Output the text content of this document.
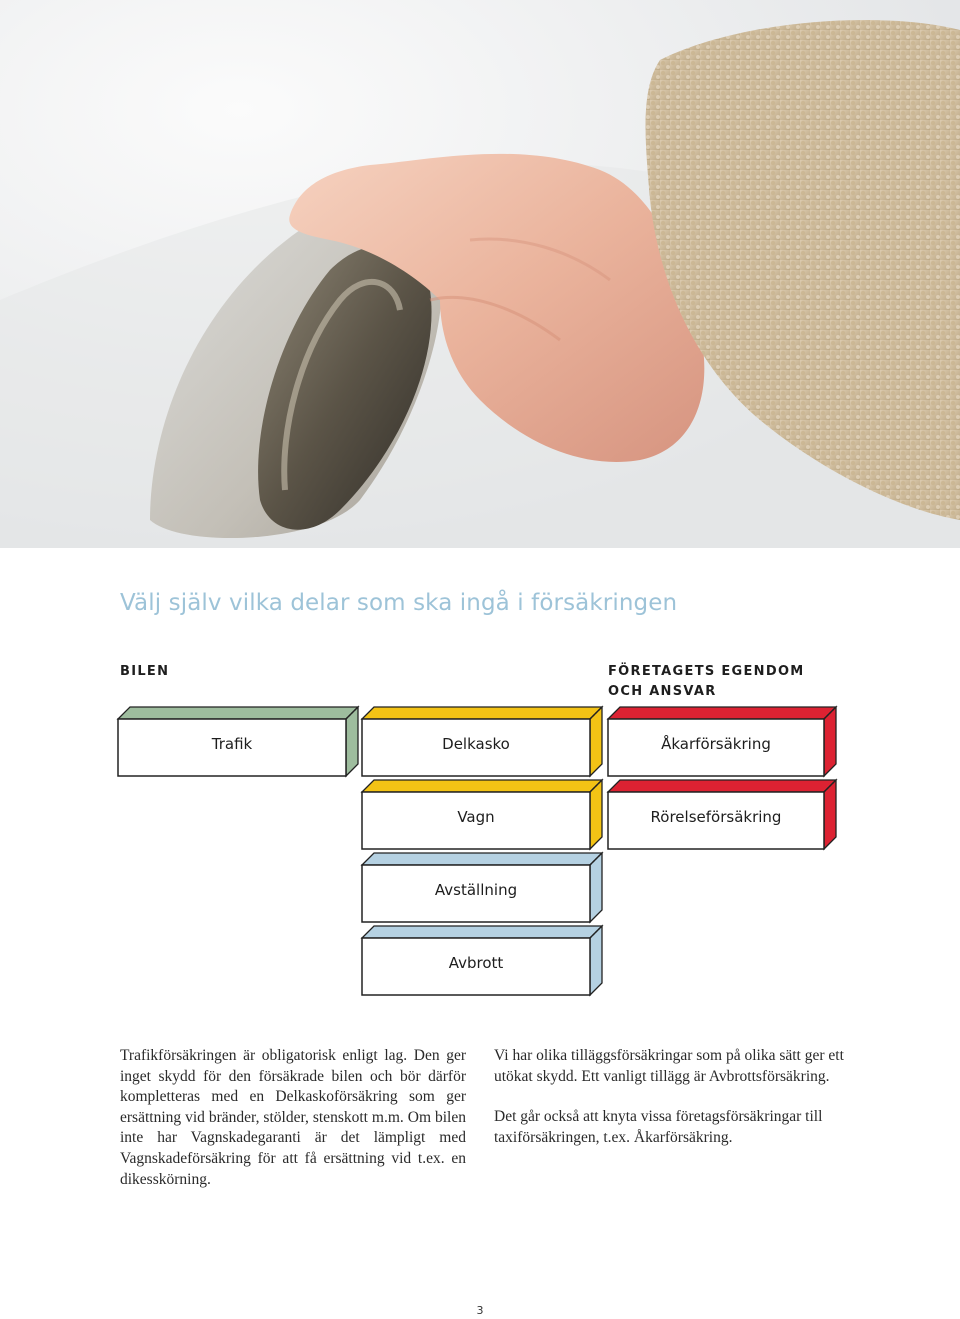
Välj själv vilka delar som ska ingå i försäkringen
BILEN	FÖRETAGETS EGENDOM
OCH ANSVAR
Trafik	Delkasko	Åkarförsäkring
Vagn	Rörelseförsäkring
Avställning
Avbrott

Trafikförsäkringen är obligatorisk enligt lag. Den ger inget skydd för den försäkrade bilen och bör därför kompletteras med en Delkaskoförsäkring som ger ersättning vid bränder, stölder, stenskott m.m. Om bilen inte har Vagnskadegaranti är det lämpligt med Vagnskadeförsäkring för att få ersättning vid t.ex. en dikesskörning.

Vi har olika tilläggsförsäkringar som på olika sätt ger ett utökat skydd. Ett vanligt tillägg är Avbrottsförsäkring.

Det går också att knyta vissa företagsförsäkringar till taxiförsäkringen, t.ex. Åkarförsäkring.

3
